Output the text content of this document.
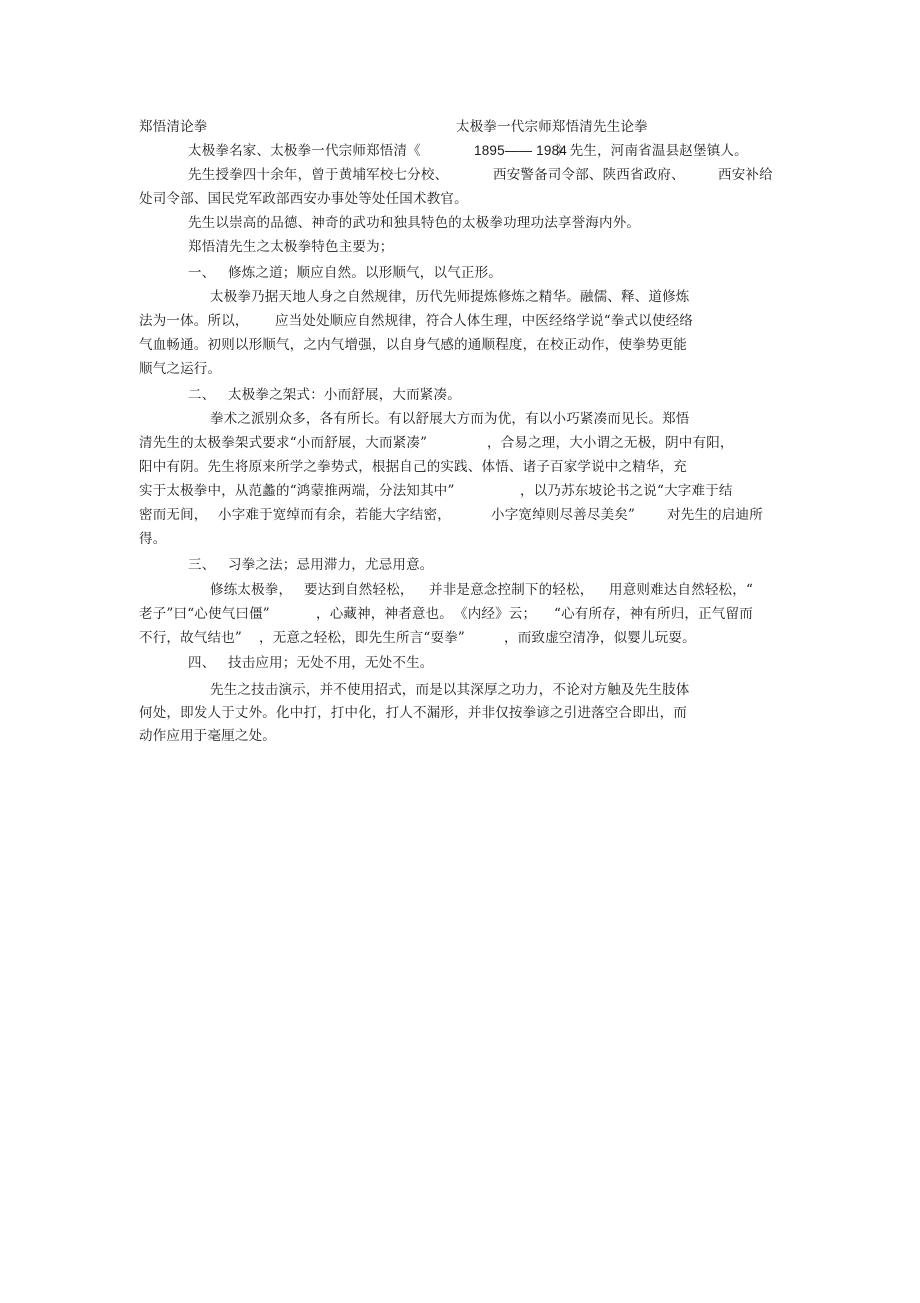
郑悟清论拳	太极拳一代宗师郑悟清先生论拳
太极拳名家、太极拳一代宗师郑悟清《	1895—— 1984
》先生，河南省温县赵堡镇人。
先生授拳四十余年，曾于黄埔军校七分校、	西安警备司令部、陕西省政府、 西安补给
处司令部、国民党军政部西安办事处等处任国术教官。
先生以崇高的品德、神奇的武功和独具特色的太极拳功理功法享誉海内外。
郑悟清先生之太极拳特色主要为；
一、 修炼之道；顺应自然。以形顺气，以气正形。
太极拳乃据天地人身之自然规律，历代先师提炼修炼之精华。融儒、释、道修炼
法为一体。所以， 应当处处顺应自然规律，符合人体生理，中医经络学说“拳式以使经络
气血畅通。初则以形顺气，之内气增强，以自身气感的通顺程度，在校正动作，使拳势更能
顺气之运行。
二、 太极拳之架式：小而舒展，大而紧凑。
拳术之派别众多，各有所长。有以舒展大方而为优，有以小巧紧凑而见长。郑悟
清先生的太极拳架式要求“小而舒展，大而紧凑”	，合易之理，大小谓之无极，阴中有阳，
阳中有阴。先生将原来所学之拳势式，根据自己的实践、体悟、诸子百家学说中之精华，充
实于太极拳中，从范蠡的“鸿蒙推两端，分法知其中”	，以乃苏东坡论书之说“大字难于结
密而无间， 小字难于宽绰而有余，若能大字结密，	小字宽绰则尽善尽美矣” 对先生的启迪所
得。
三、 习拳之法；忌用滞力，尤忌用意。
修练太极拳， 要达到自然轻松， 并非是意念控制下的轻松， 用意则难达自然轻松，“
老子”曰“心使气曰僵”	，心藏神，神者意也。 《内经》云； “心有所存，神有所归，正气留而
不行，故气结也” ，无意之轻松，即先生所言“耍拳”	，而致虚空清净，似婴儿玩耍。
四、 技击应用；无处不用，无处不生。
先生之技击演示，并不使用招式，而是以其深厚之功力，不论对方触及先生肢体
何处，即发人于丈外。化中打，打中化，打人不漏形，并非仅按拳谚之引进落空合即出，而
动作应用于毫厘之处。
